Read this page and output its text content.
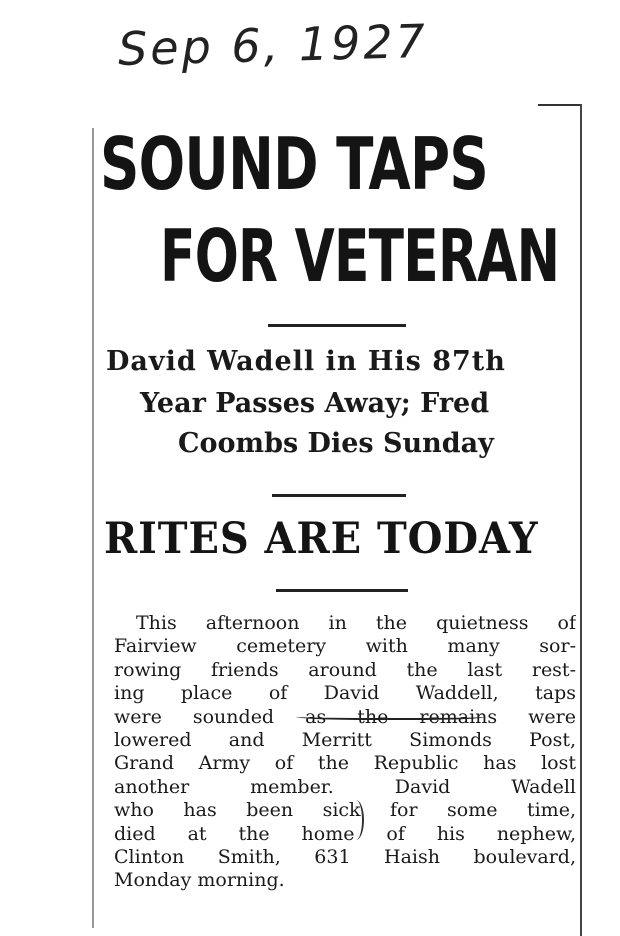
Sep 6, 1927
SOUND TAPS
FOR VETERAN
David Wadell in His 87th
Year Passes Away; Fred
Coombs Dies Sunday
RITES ARE TODAY
This afternoon in the quietness of
Fairview cemetery with many sor-
rowing friends around the last rest-
ing place of David Waddell, taps
were sounded as the remains were
lowered and Merritt Simonds Post,
Grand Army of the Republic has lost
another member. David Wadell
who has been sick for some time,
died at the home of his nephew,
Clinton Smith, 631 Haish boulevard,
Monday morning.
